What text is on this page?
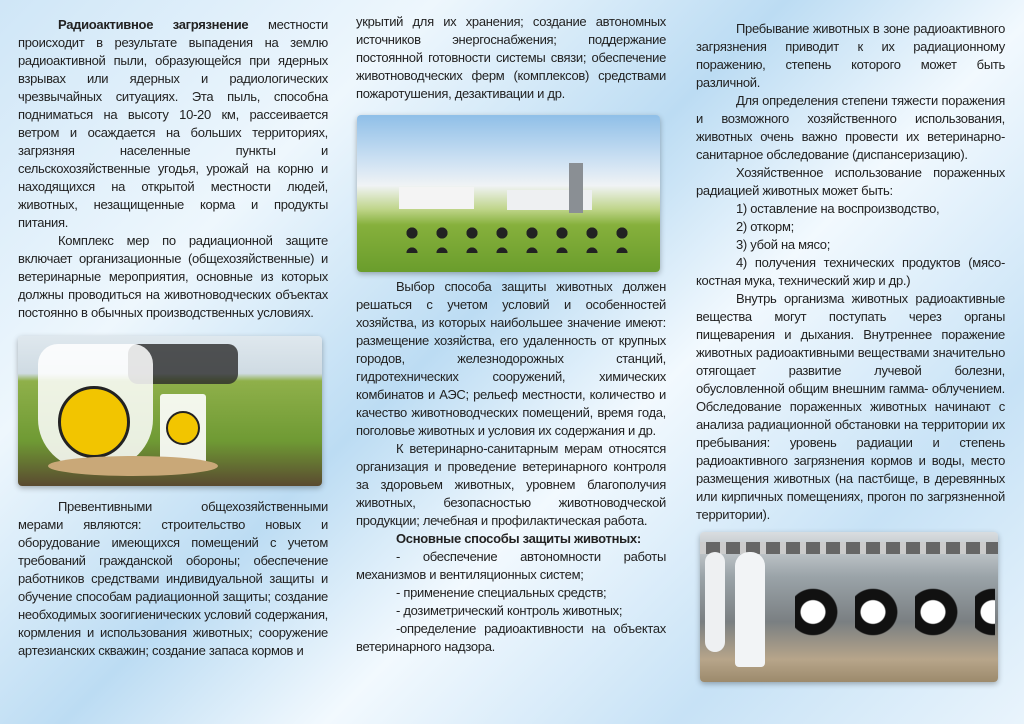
Радиоактивное загрязнение местности происходит в результате выпадения на землю радиоактивной пыли, образующейся при ядерных взрывах или ядерных и радиологических чрезвычайных ситуациях. Эта пыль, способна подниматься на высоту 10-20 км, рассеивается ветром и осаждается на больших территориях, загрязняя населенные пункты и сельскохозяйственные угодья, урожай на корню и находящихся на открытой местности людей, животных, незащищенные корма и продукты питания.

Комплекс мер по радиационной защите включает организационные (общехозяйственные) и ветеринарные мероприятия, основные из которых должны проводиться на животноводческих объектах постоянно в обычных производственных условиях.

Превентивными общехозяйственными мерами являются: строительство новых и оборудование имеющихся помещений с учетом требований гражданской обороны; обеспечение работников средствами индивидуальной защиты и обучение способам радиационной защиты; создание необходимых зоогигиенических условий содержания, кормления и использования животных; сооружение артезианских скважин; создание запаса кормов и

укрытий для их хранения; создание автономных источников энергоснабжения; поддержание постоянной готовности системы связи; обеспечение животноводческих ферм (комплексов) средствами пожаротушения, дезактивации и др.

Выбор способа защиты животных должен решаться с учетом условий и особенностей хозяйства, из которых наибольшее значение имеют: размещение хозяйства, его удаленность от крупных городов, железнодорожных станций, гидротехнических сооружений, химических комбинатов и АЭС; рельеф местности, количество и качество животноводческих помещений, время года, поголовье животных и условия их содержания и др.

К ветеринарно-санитарным мерам относятся организация и проведение ветеринарного контроля за здоровьем животных, уровнем благополучия животных, безопасностью животноводческой продукции; лечебная и профилактическая работа.

Основные способы защиты животных:

- обеспечение автономности работы механизмов и вентиляционных систем;

- применение специальных средств;

- дозиметрический контроль животных;

-определение радиоактивности на объектах ветеринарного надзора.

Пребывание животных в зоне радиоактивного загрязнения приводит к их радиационному поражению, степень которого может быть различной.

Для определения степени тяжести поражения и возможного хозяйственного использования, животных очень важно провести их ветеринарно-санитарное обследование (диспансеризацию).

Хозяйственное использование пораженных радиацией животных может быть:

1) оставление на воспроизводство,

2) откорм;

3) убой на мясо;

4) получения технических продуктов (мясо-костная мука, технический жир и др.)

Внутрь организма животных радиоактивные вещества могут поступать через органы пищеварения и дыхания. Внутреннее поражение животных радиоактивными веществами значительно отягощает развитие лучевой болезни, обусловленной общим внешним гамма- облучением. Обследование пораженных животных начинают с анализа радиационной обстановки на территории их пребывания: уровень радиации и степень радиоактивного загрязнения кормов и воды, место размещения животных (на пастбище, в деревянных или кирпичных помещениях, прогон по загрязненной территории).
